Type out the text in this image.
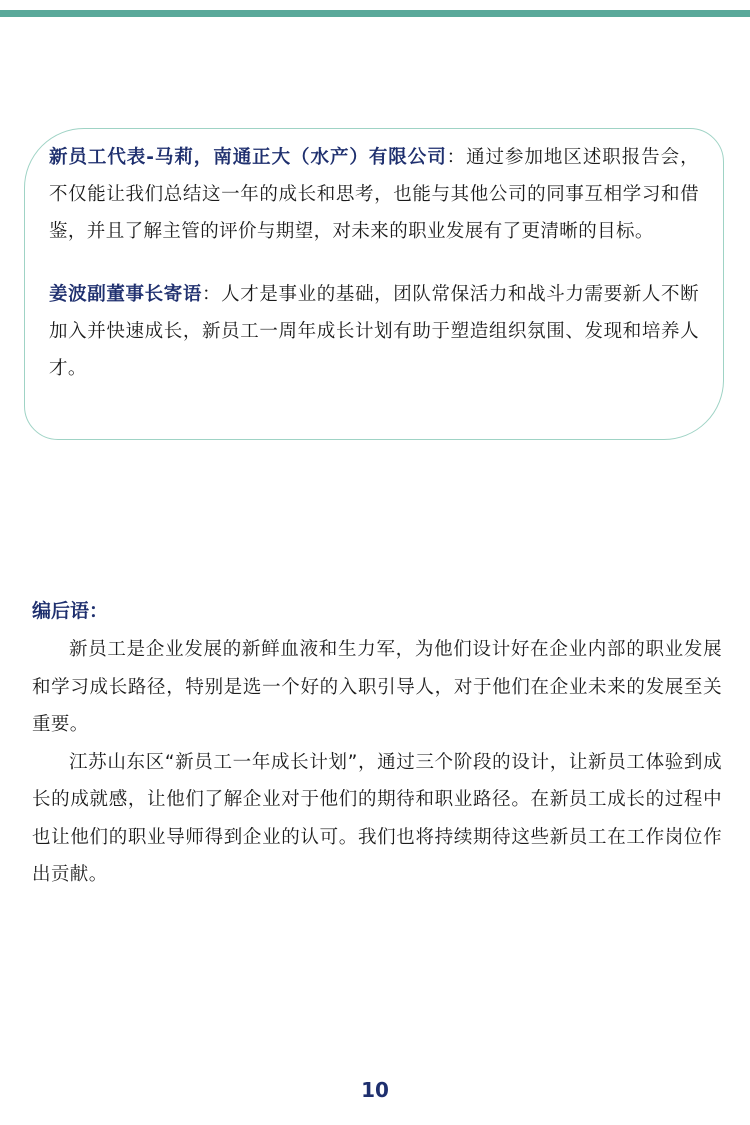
新员工代表-马莉，南通正大（水产）有限公司：通过参加地区述职报告会，不仅能让我们总结这一年的成长和思考，也能与其他公司的同事互相学习和借鉴，并且了解主管的评价与期望，对未来的职业发展有了更清晰的目标。

姜波副董事长寄语：人才是事业的基础，团队常保活力和战斗力需要新人不断加入并快速成长，新员工一周年成长计划有助于塑造组织氛围、发现和培养人才。

编后语：

新员工是企业发展的新鲜血液和生力军，为他们设计好在企业内部的职业发展和学习成长路径，特别是选一个好的入职引导人，对于他们在企业未来的发展至关重要。

江苏山东区“新员工一年成长计划”，通过三个阶段的设计，让新员工体验到成长的成就感，让他们了解企业对于他们的期待和职业路径。在新员工成长的过程中也让他们的职业导师得到企业的认可。我们也将持续期待这些新员工在工作岗位作出贡献。

10
